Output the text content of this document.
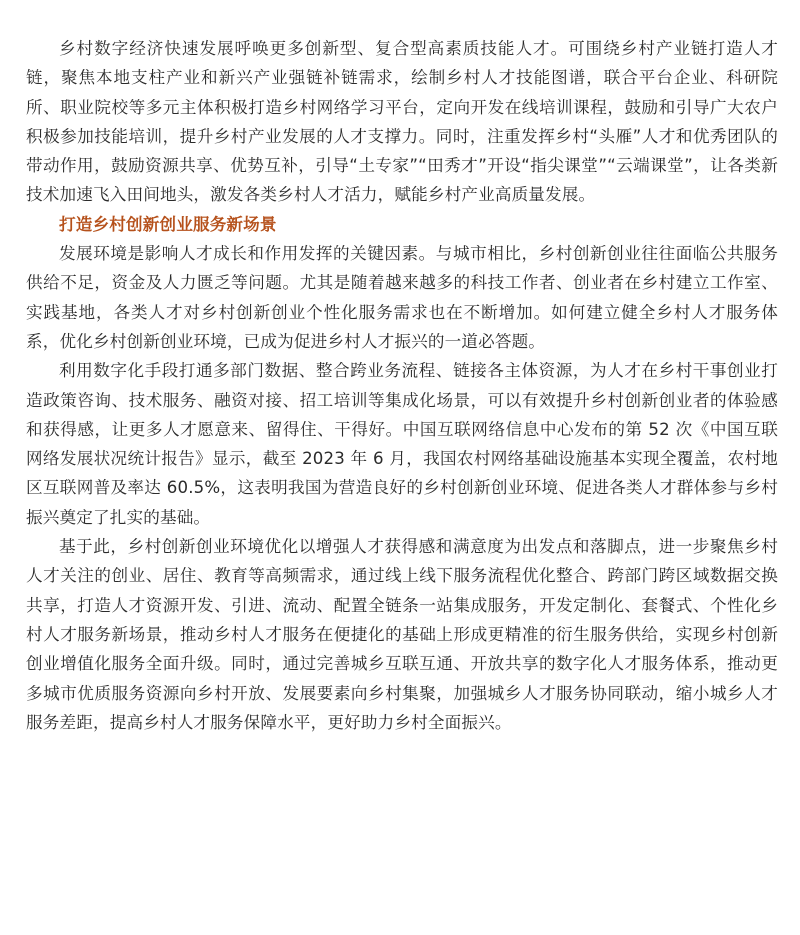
乡村数字经济快速发展呼唤更多创新型、复合型高素质技能人才。可围绕乡村产业链打造人才链，聚焦本地支柱产业和新兴产业强链补链需求，绘制乡村人才技能图谱，联合平台企业、科研院所、职业院校等多元主体积极打造乡村网络学习平台，定向开发在线培训课程，鼓励和引导广大农户积极参加技能培训，提升乡村产业发展的人才支撑力。同时，注重发挥乡村“头雁”人才和优秀团队的带动作用，鼓励资源共享、优势互补，引导“土专家”“田秀才”开设“指尖课堂”“云端课堂”，让各类新技术加速飞入田间地头，激发各类乡村人才活力，赋能乡村产业高质量发展。

打造乡村创新创业服务新场景

发展环境是影响人才成长和作用发挥的关键因素。与城市相比，乡村创新创业往往面临公共服务供给不足，资金及人力匮乏等问题。尤其是随着越来越多的科技工作者、创业者在乡村建立工作室、实践基地，各类人才对乡村创新创业个性化服务需求也在不断增加。如何建立健全乡村人才服务体系，优化乡村创新创业环境，已成为促进乡村人才振兴的一道必答题。

利用数字化手段打通多部门数据、整合跨业务流程、链接各主体资源，为人才在乡村干事创业打造政策咨询、技术服务、融资对接、招工培训等集成化场景，可以有效提升乡村创新创业者的体验感和获得感，让更多人才愿意来、留得住、干得好。中国互联网络信息中心发布的第 52 次《中国互联网络发展状况统计报告》显示，截至 2023 年 6 月，我国农村网络基础设施基本实现全覆盖，农村地区互联网普及率达 60.5%，这表明我国为营造良好的乡村创新创业环境、促进各类人才群体参与乡村振兴奠定了扎实的基础。

基于此，乡村创新创业环境优化以增强人才获得感和满意度为出发点和落脚点，进一步聚焦乡村人才关注的创业、居住、教育等高频需求，通过线上线下服务流程优化整合、跨部门跨区域数据交换共享，打造人才资源开发、引进、流动、配置全链条一站集成服务，开发定制化、套餐式、个性化乡村人才服务新场景，推动乡村人才服务在便捷化的基础上形成更精准的衍生服务供给，实现乡村创新创业增值化服务全面升级。同时，通过完善城乡互联互通、开放共享的数字化人才服务体系，推动更多城市优质服务资源向乡村开放、发展要素向乡村集聚，加强城乡人才服务协同联动，缩小城乡人才服务差距，提高乡村人才服务保障水平，更好助力乡村全面振兴。
